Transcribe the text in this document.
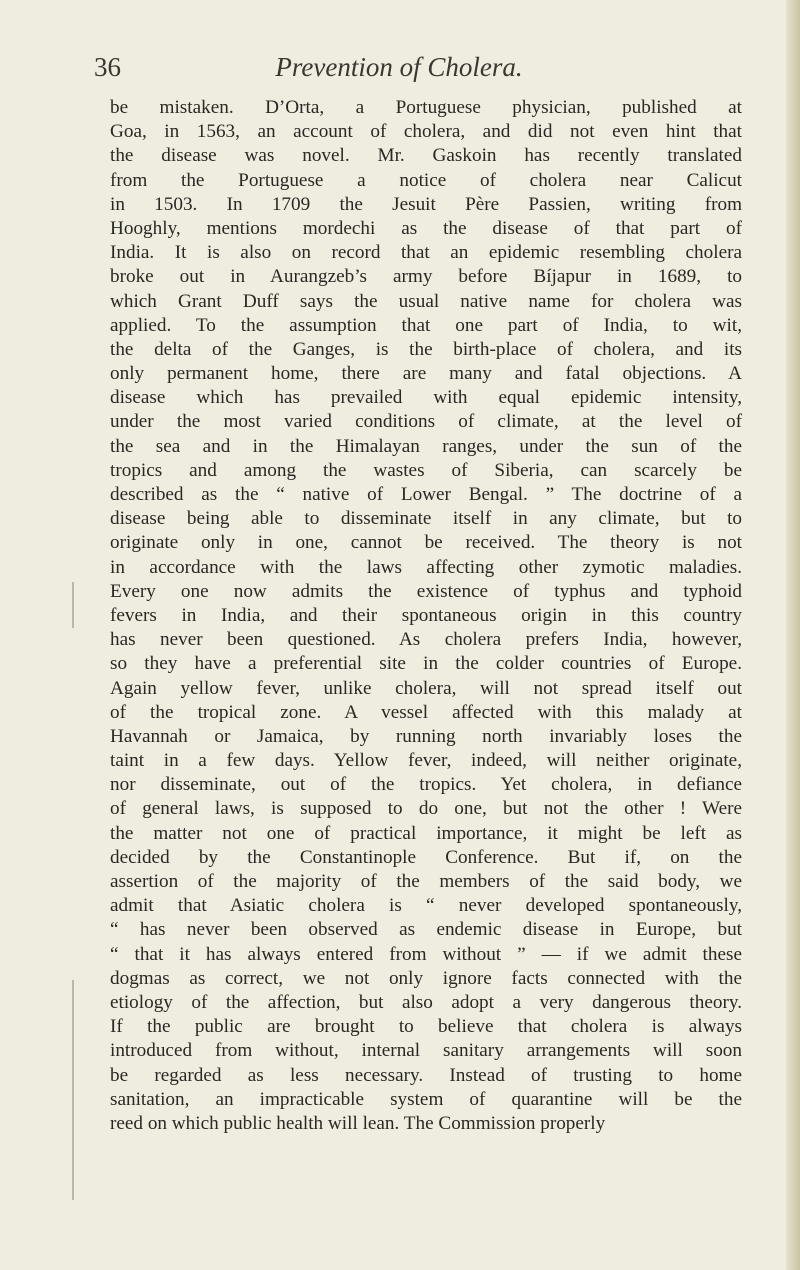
36	Prevention of Cholera.
be mistaken. D’Orta, a Portuguese physician, published at
Goa, in 1563, an account of cholera, and did not even hint that
the disease was novel. Mr. Gaskoin has recently translated
from the Portuguese a notice of cholera near Calicut
in 1503. In 1709 the Jesuit Père Passien, writing from
Hooghly, mentions mordechi as the disease of that part of
India. It is also on record that an epidemic resembling cholera
broke out in Aurangzeb’s army before Bíjapur in 1689, to
which Grant Duff says the usual native name for cholera was
applied. To the assumption that one part of India, to wit,
the delta of the Ganges, is the birth-place of cholera, and its
only permanent home, there are many and fatal objections. A
disease which has prevailed with equal epidemic intensity,
under the most varied conditions of climate, at the level of
the sea and in the Himalayan ranges, under the sun of the
tropics and among the wastes of Siberia, can scarcely be
described as the “ native of Lower Bengal. ” The doctrine of a
disease being able to disseminate itself in any climate, but to
originate only in one, cannot be received. The theory is not
in accordance with the laws affecting other zymotic maladies.
Every one now admits the existence of typhus and typhoid
fevers in India, and their spontaneous origin in this country
has never been questioned. As cholera prefers India, however,
so they have a preferential site in the colder countries of Europe.
Again yellow fever, unlike cholera, will not spread itself out
of the tropical zone. A vessel affected with this malady at
Havannah or Jamaica, by running north invariably loses the
taint in a few days. Yellow fever, indeed, will neither originate,
nor disseminate, out of the tropics. Yet cholera, in defiance
of general laws, is supposed to do one, but not the other ! Were
the matter not one of practical importance, it might be left as
decided by the Constantinople Conference. But if, on the
assertion of the majority of the members of the said body, we
admit that Asiatic cholera is “ never developed spontaneously,
“ has never been observed as endemic disease in Europe, but
“ that it has always entered from without ” — if we admit these
dogmas as correct, we not only ignore facts connected with the
etiology of the affection, but also adopt a very dangerous theory.
If the public are brought to believe that cholera is always
introduced from without, internal sanitary arrangements will soon
be regarded as less necessary. Instead of trusting to home
sanitation, an impracticable system of quarantine will be the
reed on which public health will lean. The Commission properly
